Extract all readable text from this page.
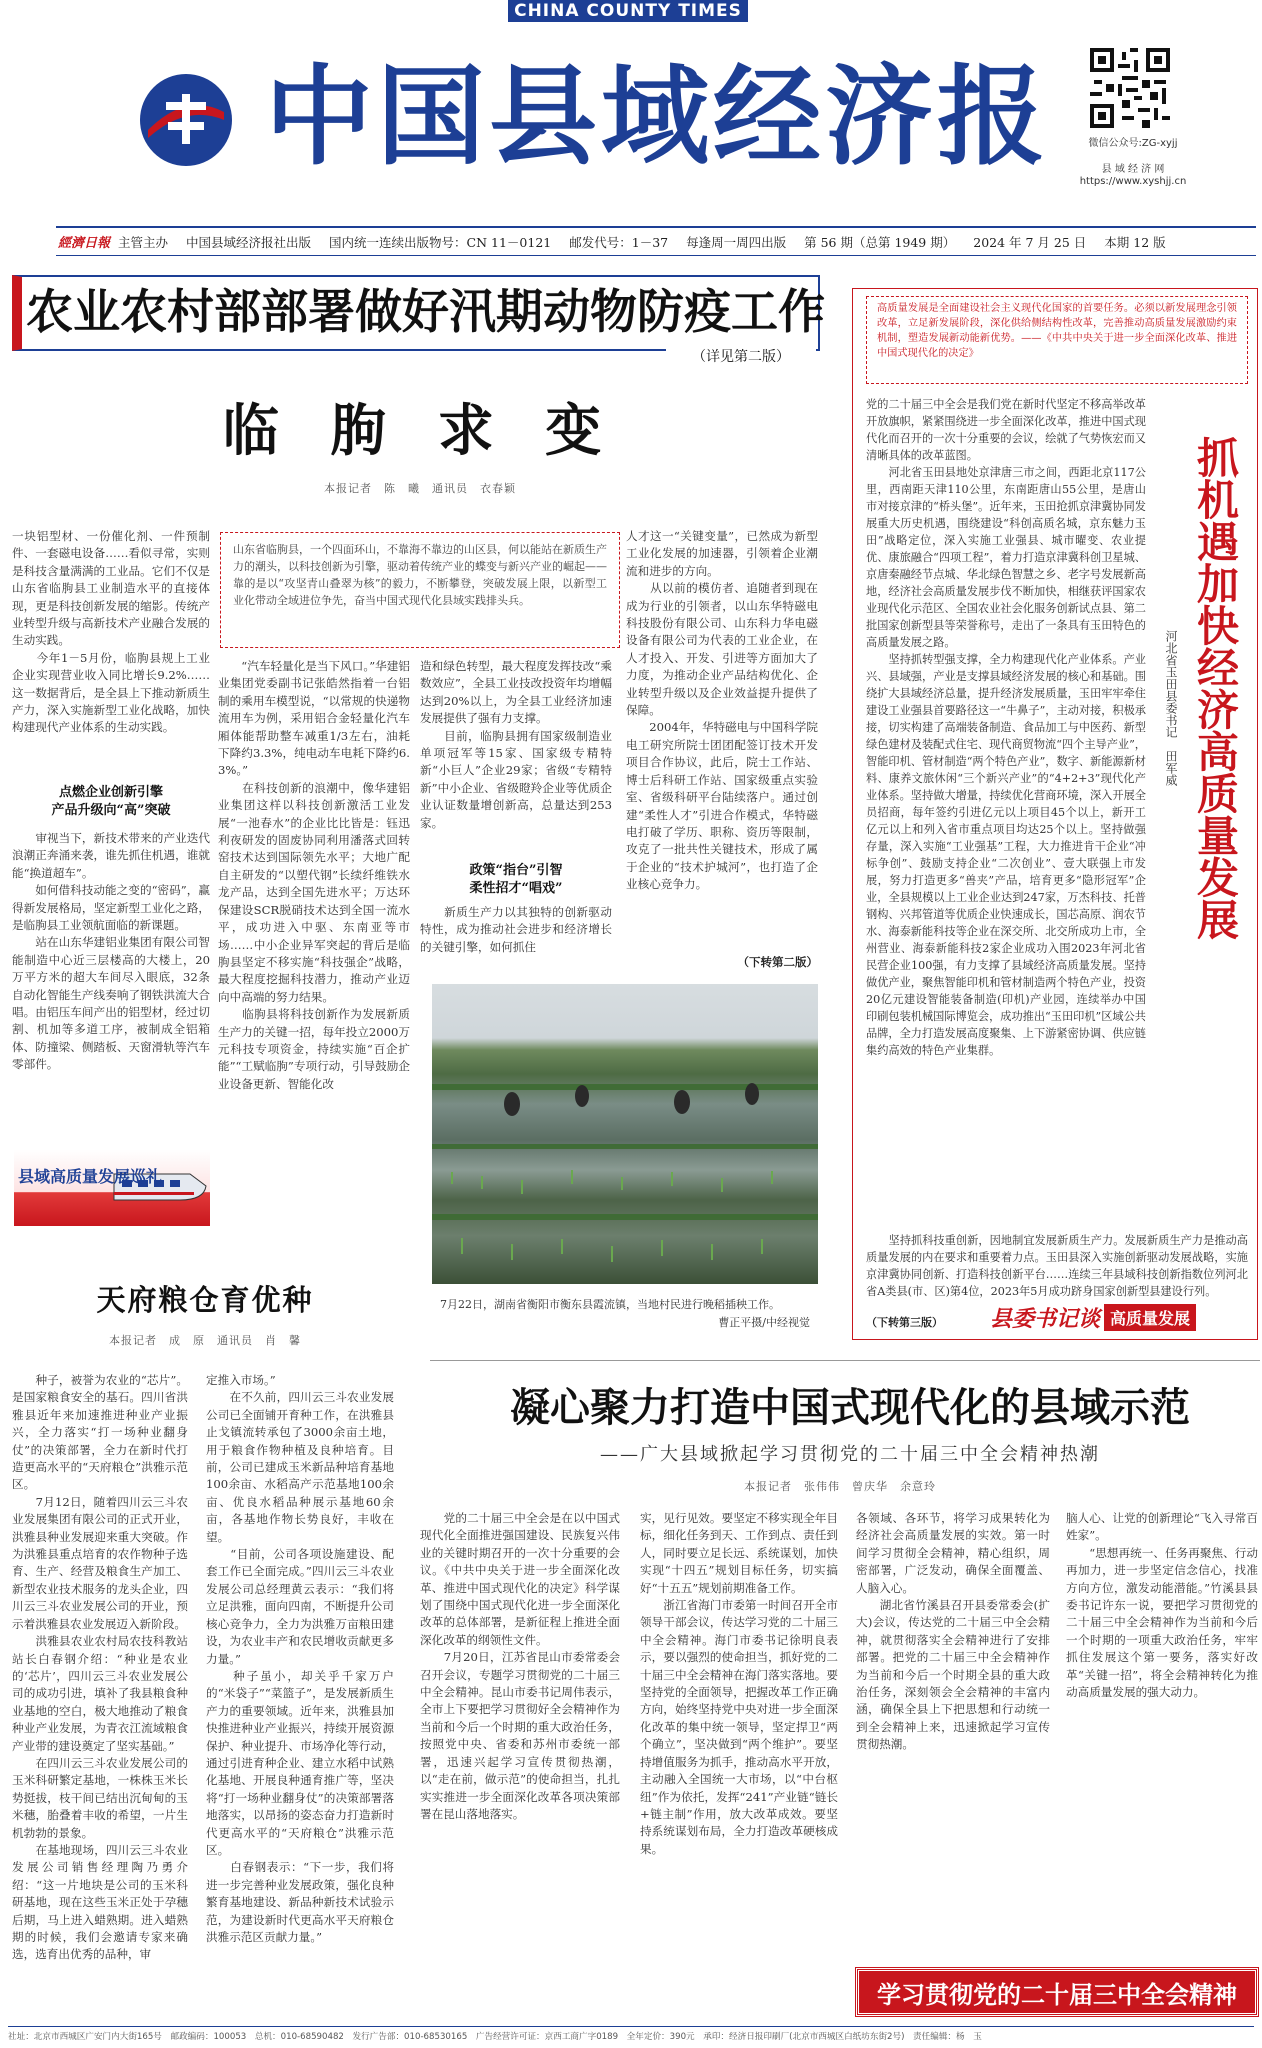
CHINA COUNTY TIMES
中国县域经济报	微信公众号:ZG-xyjj
县 域 经 济 网
https://www.xyshjj.cn
經濟日報 主管主办 中国县域经济报社出版 国内统一连续出版物号：CN 11－0121 邮发代号：1－37 每逢周一周四出版 第 56 期（总第 1949 期） 2024 年 7 月 25 日 本期 12 版
农业农村部部署做好汛期动物防疫工作
（详见第二版）
临 朐 求 变
本报记者　陈　曦　通讯员　衣春颖
一块铝型材、一份催化剂、一件预制件、一套磁电设备……看似寻常，实则是科技含量满满的工业品。它们不仅是山东省临朐县工业制造水平的直接体现，更是科技创新发展的缩影。传统产业转型升级与高新技术产业融合发展的生动实践。
　　今年1－5月份，临朐县规上工业企业实现营业收入同比增长9.2%……这一数据背后，是全县上下推动新质生产力，深入实施新型工业化战略，加快构建现代产业体系的生动实践。
点燃企业创新引擎
产品升级向“高”突破
　　审视当下，新技术带来的产业迭代浪潮正奔涌来袭，谁先抓住机遇，谁就能“换道超车”。
　　如何借科技动能之变的“密码”，赢得新发展格局，坚定新型工业化之路，是临朐县工业领航面临的新课题。
　　站在山东华建铝业集团有限公司智能制造中心近三层楼高的大楼上，20万平方米的超大车间尽入眼底，32条自动化智能生产线奏响了钢铁洪流大合唱。由铝压车间产出的铝型材，经过切割、机加等多道工序，被制成全铝箱体、防撞梁、侧踏板、天窗滑轨等汽车零部件。
山东省临朐县，一个四面环山，不靠海不靠边的山区县，何以能站在新质生产力的潮头，以科技创新为引擎，驱动着传统产业的蝶变与新兴产业的崛起——靠的是以“攻坚青山叠翠为核”的毅力，不断攀登，突破发展上限，以新型工业化带动全域进位争先，奋当中国式现代化县域实践排头兵。
　　“汽车轻量化是当下风口。”华建铝业集团党委副书记张皓然指着一台铝制的乘用车模型说，“以常规的快递物流用车为例，采用铝合金轻量化汽车厢体能帮助整车减重1/3左右，油耗下降约3.3%，纯电动车电耗下降约6.3%。”
　　在科技创新的浪潮中，像华建铝业集团这样以科技创新激活工业发展“一池春水”的企业比比皆是：钰迅利夜研发的固废协同利用潘落式回转窑技术达到国际领先水平；大地广配自主研发的“以塑代钢”长续纤维铁水龙产品，达到全国先进水平；万达环保建设SCR脱硝技术达到全国一流水平，成功进入中驱、东南亚等市场……中小企业异军突起的背后是临朐县坚定不移实施“科技强企”战略，最大程度挖掘科技潜力，推动产业迈向中高端的努力结果。
　　临朐县将科技创新作为发展新质生产力的关键一招，每年投立2000万元科技专项资金，持续实施“百企扩能”“工赋临朐”专项行动，引导鼓励企业设备更新、智能化改
造和绿色转型，最大程度发挥技改“乘数效应”，全县工业技改投资年均增幅达到20%以上，为全县工业经济加速发展提供了强有力支撑。
　　目前，临朐县拥有国家级制造业单项冠军等15家、国家级专精特新“小巨人”企业29家；省级“专精特新”中小企业、省级瞪羚企业等优质企业认证数量增创新高，总量达到253家。
政策“指台”引智
柔性招才“唱戏”
　　新质生产力以其独特的创新驱动特性，成为推动社会进步和经济增长的关键引擎，如何抓住
人才这一“关键变量”，已然成为新型工业化发展的加速器，引领着企业潮流和进步的方向。
　　从以前的模仿者、追随者到现在成为行业的引领者，以山东华特磁电科技股份有限公司、山东科力华电磁设备有限公司为代表的工业企业，在人才投入、开发、引进等方面加大了力度，为推动企业产品结构优化、企业转型升级以及企业效益提升提供了保障。
　　2004年，华特磁电与中国科学院电工研究所院士团团配签订技术开发项目合作协议，此后，院士工作站、博士后科研工作站、国家级重点实验室、省级科研平台陆续落户。通过创建“柔性人才”引进合作模式，华特磁电打破了学历、职称、资历等限制，攻克了一批共性关键技术，形成了属于企业的“技术护城河”，也打造了企业核心竞争力。
（下转第二版）
7月22日，湖南省衡阳市衡东县霞流镇，当地村民进行晚稻插秧工作。　
曹正平摄/中经视觉
县域高质量发展巡礼
天府粮仓育优种
本报记者　成　原　通讯员　肖　馨
　　种子，被誉为农业的“芯片”。是国家粮食安全的基石。四川省洪雅县近年来加速推进种业产业振兴，全力落实“打一场种业翻身仗”的决策部署，全力在新时代打造更高水平的“天府粮仓”洪雅示范区。
　　7月12日，随着四川云三斗农业发展集团有限公司的正式开业，洪雅县种业发展迎来重大突破。作为洪雅县重点培育的农作物种子选育、生产、经营及粮食生产加工、新型农业技术服务的龙头企业，四川云三斗农业发展公司的开业，预示着洪雅县农业发展迈入新阶段。
　　洪雅县农业农村局农技科教站站长白春钢介绍：“种业是农业的‘芯片’，四川云三斗农业发展公司的成功引进，填补了我县粮食种业基地的空白，极大地推动了粮食种业产业发展，为青衣江流域粮食产业带的建设奠定了坚实基础。”
　　在四川云三斗农业发展公司的玉米科研繁定基地，一株株玉米长势挺拔，枝干间已结出沉甸甸的玉米穗，胎叠着丰收的希望，一片生机勃勃的景象。
　　在基地现场，四川云三斗农业发展公司销售经理陶乃勇介绍：“这一片地块是公司的玉米科研基地，现在这些玉米正处于孕穗后期，马上进入蜡熟期。进入蜡熟期的时候，我们会邀请专家来确选，选育出优秀的品种，审
定推入市场。”
　　在不久前，四川云三斗农业发展公司已全面铺开育种工作，在洪雅县止戈镇流转承包了3000余亩土地，用于粮食作物种植及良种培育。目前，公司已建成玉米新品种培育基地100余亩、水稻高产示范基地100余亩、优良水稻品种展示基地60余亩，各基地作物长势良好，丰收在望。
　　“目前，公司各项设施建设、配套工作已全面完成。”四川云三斗农业发展公司总经理黄云表示：“我们将立足洪雅，面向四南，不断提升公司核心竞争力，全力为洪雅万亩粮田建设，为农业丰产和农民增收贡献更多力量。”
　　种子虽小，却关乎千家万户的“米袋子”“菜篮子”，是发展新质生产力的重要领域。近年来，洪雅县加快推进种业产业振兴，持续开展资源保护、种业提升、市场净化等行动，通过引进育种企业、建立水稻中试熟化基地、开展良种通育推广等，坚决将“打一场种业翻身仗”的决策部署落地落实，以昂扬的姿态奋力打造新时代更高水平的“天府粮仓”洪雅示范区。
　　白春钢表示：“下一步，我们将进一步完善种业发展政策，强化良种繁育基地建设、新品种新技术试验示范，为建设新时代更高水平天府粮仓洪雅示范区贡献力量。”
高质量发展是全面建设社会主义现代化国家的首要任务。必须以新发展理念引领改革，立足新发展阶段，深化供给侧结构性改革，完善推动高质量发展激励约束机制，塑造发展新动能新优势。——《中共中央关于进一步全面深化改革、推进中国式现代化的决定》
党的二十届三中全会是我们党在新时代坚定不移高举改革开放旗帜，紧紧围绕进一步全面深化改革，推进中国式现代化而召开的一次十分重要的会议，绘就了气势恢宏而又清晰具体的改革蓝图。
　　河北省玉田县地处京津唐三市之间，西距北京117公里，西南距天津110公里，东南距唐山55公里，是唐山市对接京津的“桥头堡”。近年来，玉田抢抓京津冀协同发展重大历史机遇，围绕建设“科创高质名城，京东魅力玉田”战略定位，深入实施工业强县、城市曜变、农业提优、康旅融合“四项工程”，着力打造京津冀科创卫星城、京唐秦融经节点城、华北绿色智慧之乡、老字号发展新高地，经济社会高质量发展步伐不断加快，相继获评国家农业现代化示范区、全国农业社会化服务创新试点县、第二批国家创新型县等荣誉称号，走出了一条具有玉田特色的高质量发展之路。
　　坚持抓转型强支撑，全力构建现代化产业体系。产业兴、县域强，产业是支撑县域经济发展的核心和基础。围绕扩大县域经济总量，提升经济发展质量，玉田牢牢牵住建设工业强县首要路径这一“牛鼻子”，主动对接，积极承接，切实构建了高端装备制造、食品加工与中医药、新型绿色建材及装配式住宅、现代商贸物流“四个主导产业”，智能印机、管材制造“两个特色产业”，数字、新能源新材料、康养文旅休闲“三个新兴产业”的“4+2+3”现代化产业体系。坚持做大增量，持续优化营商环境，深入开展全员招商，每年签约引进亿元以上项目45个以上，新开工亿元以上和列入省市重点项目均达25个以上。坚持做强存量，深入实施“工业强基”工程，大力推进肯干企业“冲标争创”、鼓励支持企业“二次创业”、壹大联强上市发展，努力打造更多“兽夹”产品，培育更多“隐形冠军”企业，全县规模以上工业企业达到247家，万杰科技、托普钢构、兴邦管道等优质企业快速成长，国芯高原、润农节水、海泰新能科技等企业在深交所、北交所成功上市，全州营业、海泰新能科技2家企业成功入围2023年河北省民营企业100强，有力支撑了县域经济高质量发展。坚持做优产业，聚焦智能印机和管材制造两个特色产业，投资20亿元建设智能装备制造(印机)产业园，连续举办中国印刷包装机械国际博览会，成功推出“玉田印机”区域公共品牌，全力打造发展高度聚集、上下游紧密协调、供应链集约高效的特色产业集群。
抓机遇加快经济高质量发展
河北省玉田县委书记　田军威
　　坚持抓科技重创新，因地制宜发展新质生产力。发展新质生产力是推动高质量发展的内在要求和重要着力点。玉田县深入实施创新驱动发展战略，实施京津冀协同创新、打造科技创新平台……连续三年县域科技创新指数位列河北省A类县(市、区)第4位，2023年5月成功跻身国家创新型县建设行列。
（下转第三版）	县委书记谈 高质量发展
凝心聚力打造中国式现代化的县域示范
——广大县域掀起学习贯彻党的二十届三中全会精神热潮
本报记者　张伟伟　曾庆华　余意玲
　　党的二十届三中全会是在以中国式现代化全面推进强国建设、民族复兴伟业的关键时期召开的一次十分重要的会议。《中共中央关于进一步全面深化改革、推进中国式现代化的决定》科学谋划了围绕中国式现代化进一步全面深化改革的总体部署，是新征程上推进全面深化改革的纲领性文件。
　　7月20日，江苏省昆山市委常委会召开会议，专题学习贯彻党的二十届三中全会精神。昆山市委书记周伟表示，全市上下要把学习贯彻好全会精神作为当前和今后一个时期的重大政治任务，按照党中央、省委和苏州市委统一部署，迅速兴起学习宣传贯彻热潮，以“走在前，做示范”的使命担当，扎扎实实推进一步全面深化改革各项决策部署在昆山落地落实。
实，见行见效。要坚定不移实现全年目标，细化任务到天、工作到点、责任到人，同时要立足长远、系统谋划，加快实现“十四五”规划目标任务，切实搞好“十五五”规划前期准备工作。
　　浙江省海门市委第一时间召开全市领导干部会议，传达学习党的二十届三中全会精神。海门市委书记徐明良表示，要以强烈的使命担当，抓好党的二十届三中全会精神在海门落实落地。要坚持党的全面领导，把握改革工作正确方向，始终坚持党中央对进一步全面深化改革的集中统一领导，坚定捍卫“两个确立”，坚决做到“两个维护”。要坚持增值服务为抓手，推动高水平开放，主动融入全国统一大市场，以“中台枢纽”作为依托，发挥“241”产业链“链长+链主制”作用，放大改革成效。要坚持系统谋划布局，全力打造改革硬核成果。
各领域、各环节，将学习成果转化为经济社会高质量发展的实效。第一时间学习贯彻全会精神，精心组织，周密部署，广泛发动，确保全面覆盖、人脑入心。
　　湖北省竹溪县召开县委常委会(扩大)会议，传达党的二十届三中全会精神，就贯彻落实全会精神进行了安排部署。把党的二十届三中全会精神作为当前和今后一个时期全县的重大政治任务，深刻领会全会精神的丰富内涵，确保全县上下把思想和行动统一到全会精神上来，迅速掀起学习宣传贯彻热潮。
脑人心、让党的创新理论“飞入寻常百姓家”。
　　“思想再统一、任务再聚焦、行动再加力，进一步坚定信念信心，找准方向方位，激发动能潜能。”竹溪县县委书记许东一说，要把学习贯彻党的二十届三中全会精神作为当前和今后一个时期的一项重大政治任务，牢牢抓住发展这个第一要务，落实好改革“关键一招”，将全会精神转化为推动高质量发展的强大动力。
学习贯彻党的二十届三中全会精神
社址：北京市西城区广安门内大街165号　邮政编码：100053　总机：010-68590482　发行广告部：010-68530165　广告经营许可证：京西工商广字0189　全年定价：390元　承印：经济日报印刷厂(北京市西城区白纸坊东街2号)　责任编辑：杨　玉
